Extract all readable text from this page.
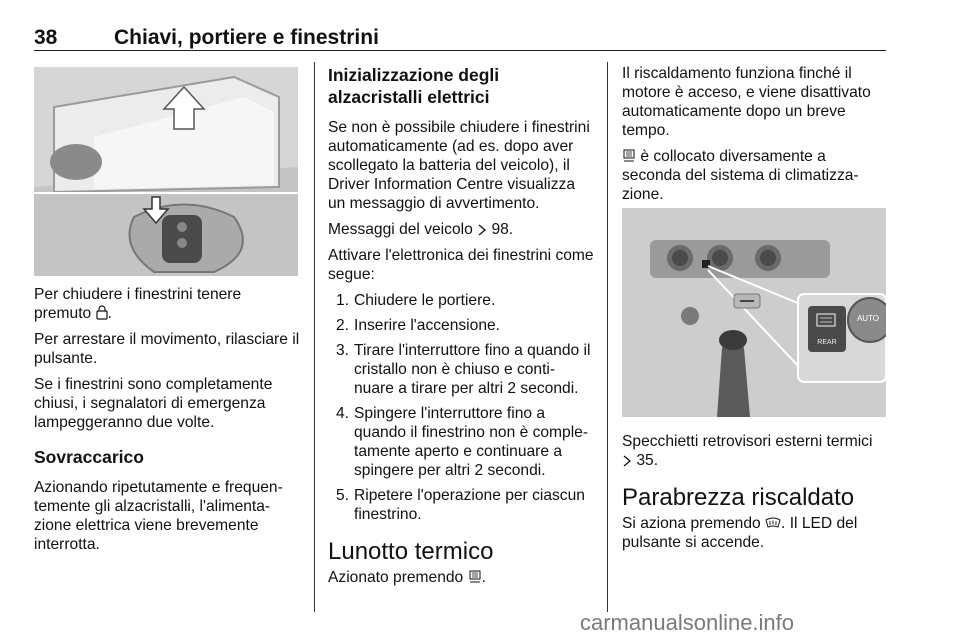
38	Chiavi, portiere e finestrini

Per chiudere i finestrini tenere premuto .

Per arrestare il movimento, rilasciare il pulsante.

Se i finestrini sono completamente chiusi, i segnalatori di emergenza lampeggeranno due volte.

Sovraccarico

Azionando ripetutamente e frequen- temente gli alzacristalli, l'alimenta- zione elettrica viene brevemente interrotta.

Inizializzazione degli alzacristalli elettrici

Se non è possibile chiudere i finestrini automaticamente (ad es. dopo aver scollegato la batteria del veicolo), il Driver Information Centre visualizza un messaggio di avvertimento.

Messaggi del veicolo 98.

Attivare l'elettronica dei finestrini come segue:

1. Chiudere le portiere.
2. Inserire l'accensione.
3. Tirare l'interruttore fino a quando il cristallo non è chiuso e conti- nuare a tirare per altri 2 secondi.
4. Spingere l'interruttore fino a quando il finestrino non è comple- tamente aperto e continuare a spingere per altri 2 secondi.
5. Ripetere l'operazione per ciascun finestrino.
Lunotto termico

Azionato premendo .

Il riscaldamento funziona finché il motore è acceso, e viene disattivato automaticamente dopo un breve tempo.

è collocato diversamente a seconda del sistema di climatizza- zione.

REAR
AUTO

Specchietti retrovisori esterni termici
35.

Parabrezza riscaldato

Si aziona premendo . Il LED del pulsante si accende.

carmanualsonline.info
